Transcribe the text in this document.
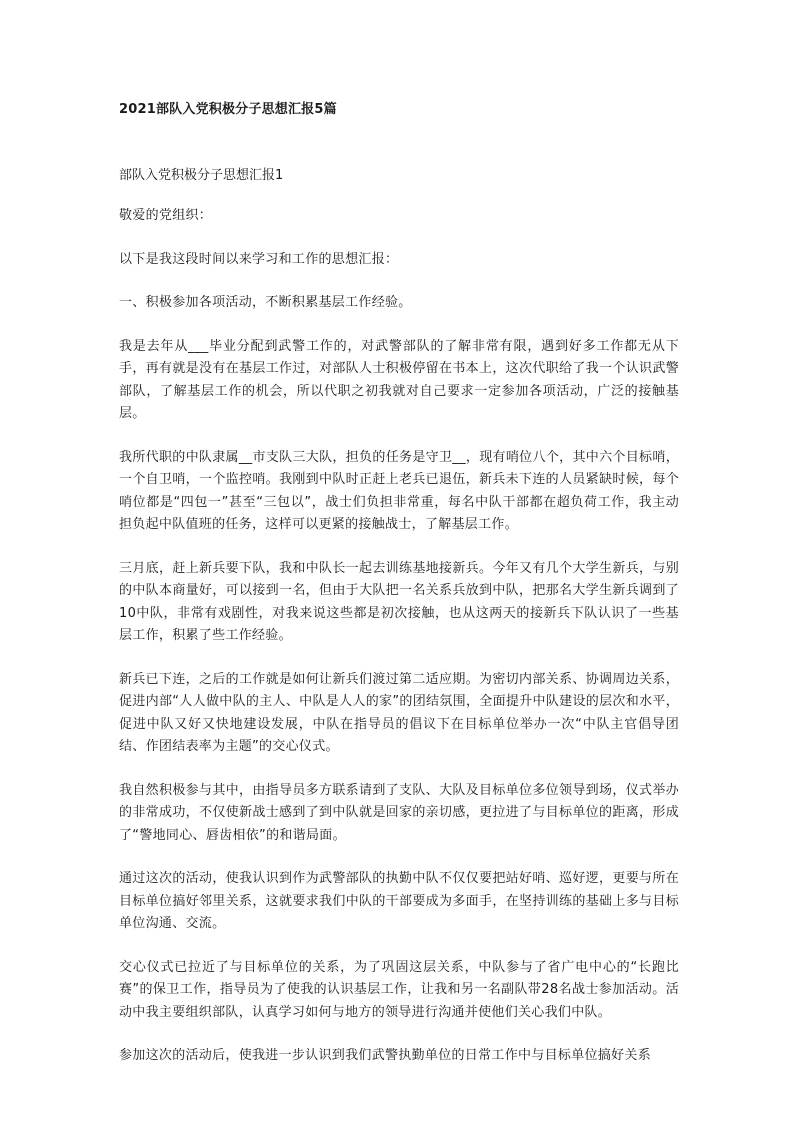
2021部队入党积极分子思想汇报5篇
部队入党积极分子思想汇报1

敬爱的党组织：

以下是我这段时间以来学习和工作的思想汇报：

一、积极参加各项活动，不断积累基层工作经验。

我是去年从___毕业分配到武警工作的，对武警部队的了解非常有限，遇到好多工作都无从下手，再有就是没有在基层工作过，对部队人士积极停留在书本上，这次代职给了我一个认识武警部队，了解基层工作的机会，所以代职之初我就对自己要求一定参加各项活动，广泛的接触基层。

我所代职的中队隶属__市支队三大队，担负的任务是守卫__，现有哨位八个，其中六个目标哨，一个自卫哨，一个监控哨。我刚到中队时正赶上老兵已退伍，新兵未下连的人员紧缺时候，每个哨位都是“四包一”甚至“三包以”，战士们负担非常重，每名中队干部都在超负荷工作，我主动担负起中队值班的任务，这样可以更紧的接触战士，了解基层工作。

三月底，赶上新兵要下队，我和中队长一起去训练基地接新兵。今年又有几个大学生新兵，与别的中队本商量好，可以接到一名，但由于大队把一名关系兵放到中队，把那名大学生新兵调到了10中队，非常有戏剧性，对我来说这些都是初次接触，也从这两天的接新兵下队认识了一些基层工作，积累了些工作经验。

新兵已下连，之后的工作就是如何让新兵们渡过第二适应期。为密切内部关系、协调周边关系，促进内部“人人做中队的主人、中队是人人的家”的团结氛围，全面提升中队建设的层次和水平，促进中队又好又快地建设发展，中队在指导员的倡议下在目标单位举办一次“中队主官倡导团结、作团结表率为主题”的交心仪式。

我自然积极参与其中，由指导员多方联系请到了支队、大队及目标单位多位领导到场，仪式举办的非常成功，不仅使新战士感到了到中队就是回家的亲切感，更拉进了与目标单位的距离，形成了“警地同心、唇齿相依”的和谐局面。

通过这次的活动，使我认识到作为武警部队的执勤中队不仅仅要把站好哨、巡好逻，更要与所在目标单位搞好邻里关系，这就要求我们中队的干部要成为多面手，在坚持训练的基础上多与目标单位沟通、交流。

交心仪式已拉近了与目标单位的关系，为了巩固这层关系，中队参与了省广电中心的“长跑比赛”的保卫工作，指导员为了使我的认识基层工作，让我和另一名副队带28名战士参加活动。活动中我主要组织部队，认真学习如何与地方的领导进行沟通并使他们关心我们中队。

参加这次的活动后，使我进一步认识到我们武警执勤单位的日常工作中与目标单位搞好关系
